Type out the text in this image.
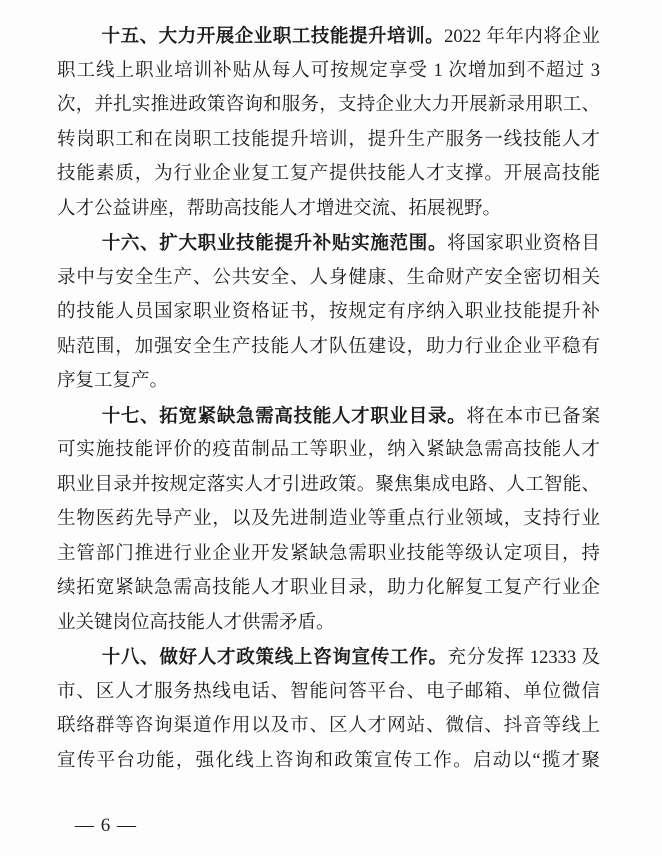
十五、大力开展企业职工技能提升培训。2022 年年内将企业
职工线上职业培训补贴从每人可按规定享受 1 次增加到不超过 3
次，并扎实推进政策咨询和服务，支持企业大力开展新录用职工、
转岗职工和在岗职工技能提升培训，提升生产服务一线技能人才
技能素质，为行业企业复工复产提供技能人才支撑。开展高技能
人才公益讲座，帮助高技能人才增进交流、拓展视野。
十六、扩大职业技能提升补贴实施范围。将国家职业资格目
录中与安全生产、公共安全、人身健康、生命财产安全密切相关
的技能人员国家职业资格证书，按规定有序纳入职业技能提升补
贴范围，加强安全生产技能人才队伍建设，助力行业企业平稳有
序复工复产。
十七、拓宽紧缺急需高技能人才职业目录。将在本市已备案
可实施技能评价的疫苗制品工等职业，纳入紧缺急需高技能人才
职业目录并按规定落实人才引进政策。聚焦集成电路、人工智能、
生物医药先导产业，以及先进制造业等重点行业领域，支持行业
主管部门推进行业企业开发紧缺急需职业技能等级认定项目，持
续拓宽紧缺急需高技能人才职业目录，助力化解复工复产行业企
业关键岗位高技能人才供需矛盾。
十八、做好人才政策线上咨询宣传工作。充分发挥 12333 及
市、区人才服务热线电话、智能问答平台、电子邮箱、单位微信
联络群等咨询渠道作用以及市、区人才网站、微信、抖音等线上
宣传平台功能，强化线上咨询和政策宣传工作。启动以“揽才聚
— 6 —
